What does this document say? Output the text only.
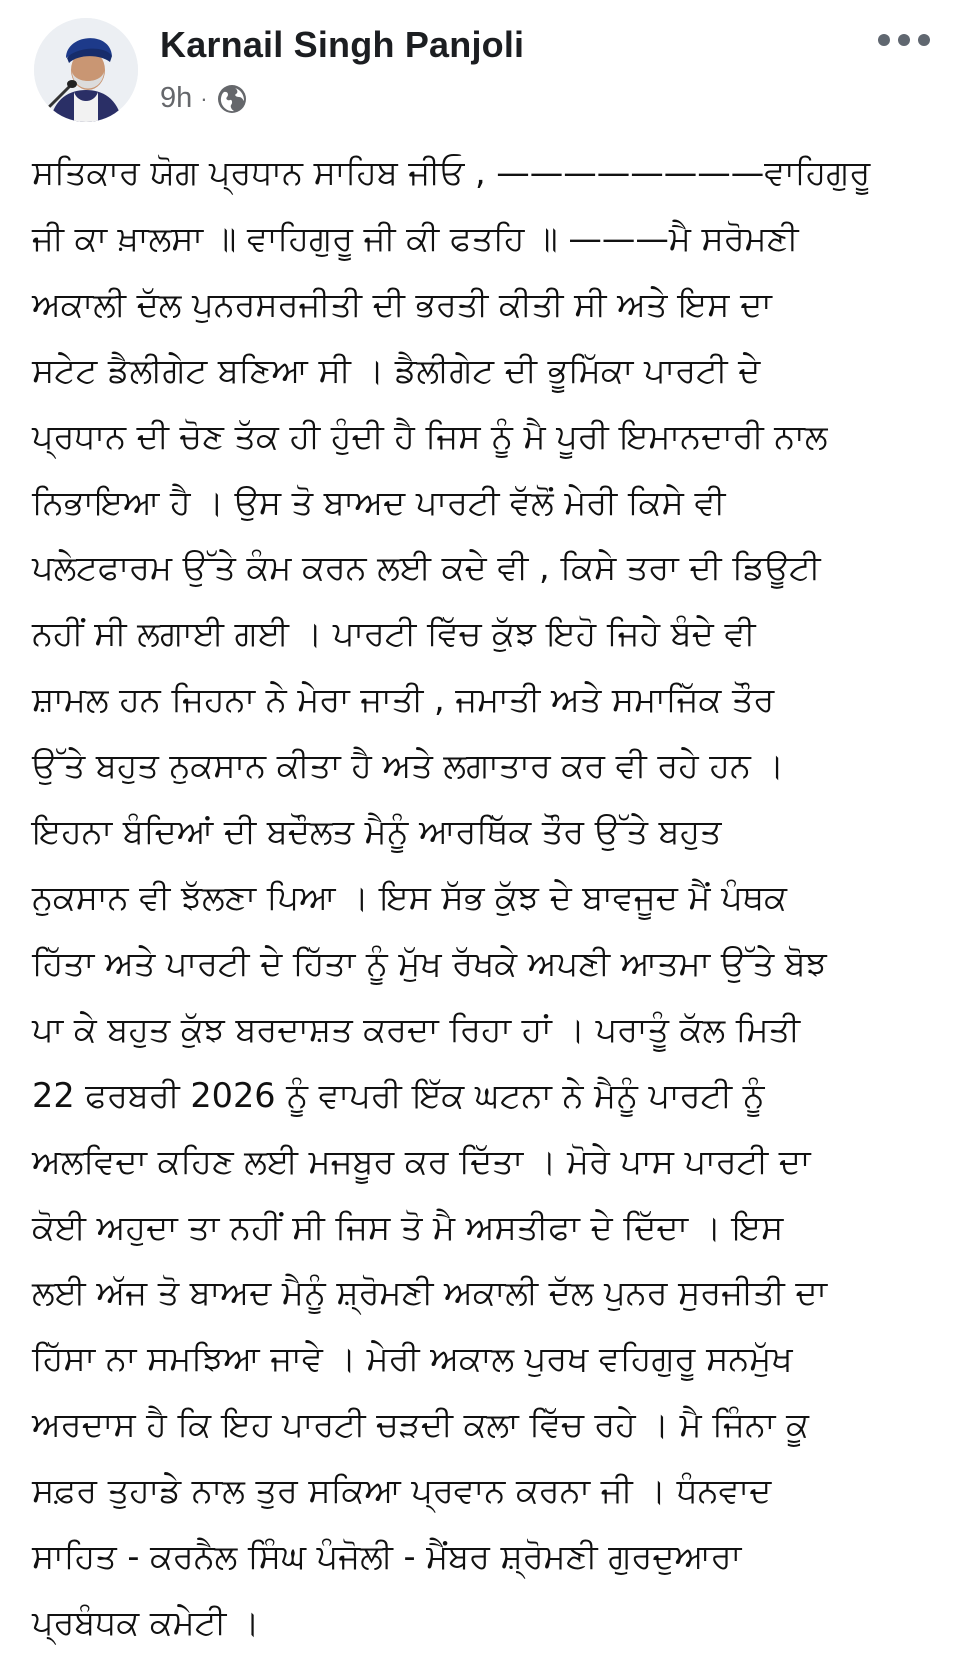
Karnail Singh Panjoli
9h ·
ਸਤਿਕਾਰ ਯੋਗ ਪ੍ਰਧਾਨ ਸਾਹਿਬ ਜੀਓ , ————————ਵਾਹਿਗੁਰੂ
ਜੀ ਕਾ ਖ਼ਾਲਸਾ ॥ ਵਾਹਿਗੁਰੂ ਜੀ ਕੀ ਫਤਹਿ ॥ ———ਮੈ ਸਰੋਮਣੀ
ਅਕਾਲੀ ਦੱਲ ਪੁਨਰਸਰਜੀਤੀ ਦੀ ਭਰਤੀ ਕੀਤੀ ਸੀ ਅਤੇ ਇਸ ਦਾ
ਸਟੇਟ ਡੈਲੀਗੇਟ ਬਣਿਆ ਸੀ । ਡੈਲੀਗੇਟ ਦੀ ਭੂਮਿੱਕਾ ਪਾਰਟੀ ਦੇ
ਪ੍ਰਧਾਨ ਦੀ ਚੋਣ ਤੱਕ ਹੀ ਹੁੰਦੀ ਹੈ ਜਿਸ ਨੂੰ ਮੈ ਪੂਰੀ ਇਮਾਨਦਾਰੀ ਨਾਲ
ਨਿਭਾਇਆ ਹੈ । ਉਸ ਤੋ ਬਾਅਦ ਪਾਰਟੀ ਵੱਲੋਂ ਮੇਰੀ ਕਿਸੇ ਵੀ
ਪਲੇਟਫਾਰਮ ਉੱਤੇ ਕੰਮ ਕਰਨ ਲਈ ਕਦੇ ਵੀ , ਕਿਸੇ ਤਰਾ ਦੀ ਡਿਊਟੀ
ਨਹੀਂ ਸੀ ਲਗਾਈ ਗਈ । ਪਾਰਟੀ ਵਿੱਚ ਕੁੱਝ ਇਹੋ ਜਿਹੇ ਬੰਦੇ ਵੀ
ਸ਼ਾਮਲ ਹਨ ਜਿਹਨਾ ਨੇ ਮੇਰਾ ਜਾਤੀ , ਜਮਾਤੀ ਅਤੇ ਸਮਾਜਿੱਕ ਤੌਰ
ਉੱਤੇ ਬਹੁਤ ਨੁਕਸਾਨ ਕੀਤਾ ਹੈ ਅਤੇ ਲਗਾਤਾਰ ਕਰ ਵੀ ਰਹੇ ਹਨ ।
ਇਹਨਾ ਬੰਦਿਆਂ ਦੀ ਬਦੌਲਤ ਮੈਨੂੰ ਆਰਥਿੱਕ ਤੌਰ ਉੱਤੇ ਬਹੁਤ
ਨੁਕਸਾਨ ਵੀ ਝੱਲਣਾ ਪਿਆ । ਇਸ ਸੱਭ ਕੁੱਝ ਦੇ ਬਾਵਜੂਦ ਮੈਂ ਪੰਥਕ
ਹਿੱਤਾ ਅਤੇ ਪਾਰਟੀ ਦੇ ਹਿੱਤਾ ਨੂੰ ਮੁੱਖ ਰੱਖਕੇ ਅਪਣੀ ਆਤਮਾ ਉੱਤੇ ਬੋਝ
ਪਾ ਕੇ ਬਹੁਤ ਕੁੱਝ ਬਰਦਾਸ਼ਤ ਕਰਦਾ ਰਿਹਾ ਹਾਂ । ਪਰਾਤੂੰ ਕੱਲ ਮਿਤੀ
22 ਫਰਬਰੀ 2026 ਨੂੰ ਵਾਪਰੀ ਇੱਕ ਘਟਨਾ ਨੇ ਮੈਨੂੰ ਪਾਰਟੀ ਨੂੰ
ਅਲਵਿਦਾ ਕਹਿਣ ਲਈ ਮਜਬੂਰ ਕਰ ਦਿੱਤਾ । ਮੋਰੇ ਪਾਸ ਪਾਰਟੀ ਦਾ
ਕੋਈ ਅਹੁਦਾ ਤਾ ਨਹੀਂ ਸੀ ਜਿਸ ਤੋ ਮੈ ਅਸਤੀਫਾ ਦੇ ਦਿੱਦਾ । ਇਸ
ਲਈ ਅੱਜ ਤੋ ਬਾਅਦ ਮੈਨੂੰ ਸ਼੍ਰੋਮਣੀ ਅਕਾਲੀ ਦੱਲ ਪੁਨਰ ਸੁਰਜੀਤੀ ਦਾ
ਹਿੱਸਾ ਨਾ ਸਮਝਿਆ ਜਾਵੇ । ਮੇਰੀ ਅਕਾਲ ਪੁਰਖ ਵਹਿਗੁਰੂ ਸਨਮੁੱਖ
ਅਰਦਾਸ ਹੈ ਕਿ ਇਹ ਪਾਰਟੀ ਚੜਦੀ ਕਲਾ ਵਿੱਚ ਰਹੇ । ਮੈ ਜਿੰਨਾ ਕੂ
ਸਫ਼ਰ ਤੁਹਾਡੇ ਨਾਲ ਤੁਰ ਸਕਿਆ ਪ੍ਰਵਾਨ ਕਰਨਾ ਜੀ । ਧੰਨਵਾਦ
ਸਾਹਿਤ - ਕਰਨੈਲ ਸਿੰਘ ਪੰਜੋਲੀ - ਮੈਂਬਰ ਸ਼੍ਰੋਮਣੀ ਗੁਰਦੁਆਰਾ
ਪ੍ਰਬੰਧਕ ਕਮੇਟੀ ।
